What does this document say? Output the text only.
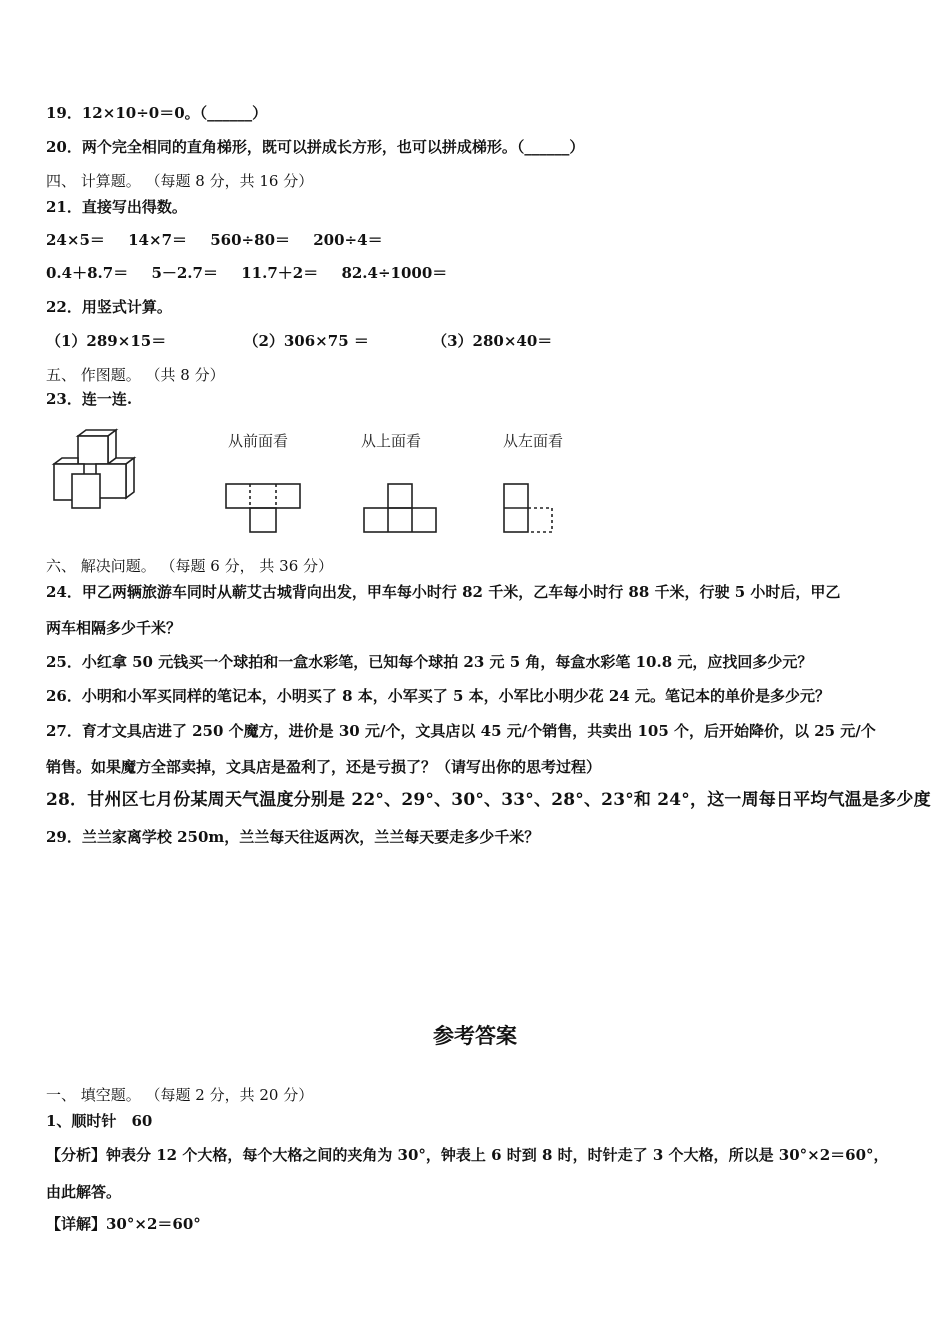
19．12×10÷0＝0。（______）
20．两个完全相同的直角梯形，既可以拼成长方形，也可以拼成梯形。（______）
四、 计算题。 （每题 8 分，共 16 分）
21．直接写出得数。
24×5＝ 14×7＝ 560÷80＝ 200÷4＝
0.4＋8.7＝ 5－2.7＝ 11.7＋2＝ 82.4÷1000＝
22．用竖式计算。
（1）289×15＝	（2）306×75 ＝	（3）280×40＝
五、 作图题。 （共 8 分）
23．连一连.
从前面看	从上面看	从左面看
六、 解决问题。 （每题 6 分， 共 36 分）
24．甲乙两辆旅游车同时从蕲艾古城背向出发，甲车每小时行 82 千米，乙车每小时行 88 千米，行驶 5 小时后，甲乙
两车相隔多少千米？
25．小红拿 50 元钱买一个球拍和一盒水彩笔，已知每个球拍 23 元 5 角，每盒水彩笔 10.8 元，应找回多少元？
26．小明和小军买同样的笔记本，小明买了 8 本，小军买了 5 本，小军比小明少花 24 元。笔记本的单价是多少元？
27．育才文具店进了 250 个魔方，进价是 30 元/个，文具店以 45 元/个销售，共卖出 105 个，后开始降价，以 25 元/个
销售。如果魔方全部卖掉，文具店是盈利了，还是亏损了？（请写出你的思考过程）
28．甘州区七月份某周天气温度分别是 22°、29°、30°、33°、28°、23°和 24°，这一周每日平均气温是多少度
29．兰兰家离学校 250m，兰兰每天往返两次，兰兰每天要走多少千米？
参考答案
一、 填空题。 （每题 2 分，共 20 分）
1、顺时针　60
【分析】钟表分 12 个大格，每个大格之间的夹角为 30°，钟表上 6 时到 8 时，时针走了 3 个大格，所以是 30°×2＝60°，
由此解答。
【详解】30°×2＝60°
